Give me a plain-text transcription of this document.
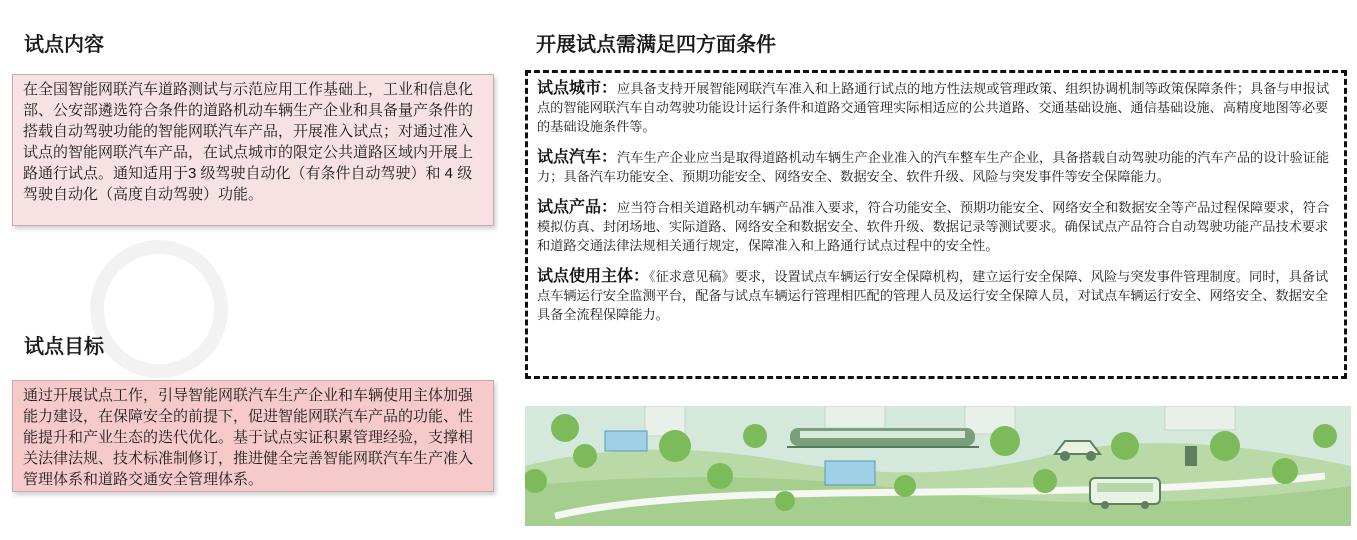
试点内容
在全国智能网联汽车道路测试与示范应用工作基础上，工业和信息化部、公安部遴选符合条件的道路机动车辆生产企业和具备量产条件的搭载自动驾驶功能的智能网联汽车产品，开展准入试点；对通过准入试点的智能网联汽车产品，在试点城市的限定公共道路区域内开展上路通行试点。通知适用于3 级驾驶自动化（有条件自动驾驶）和 4 级驾驶自动化（高度自动驾驶）功能。
试点目标
通过开展试点工作，引导智能网联汽车生产企业和车辆使用主体加强能力建设，在保障安全的前提下，促进智能网联汽车产品的功能、性能提升和产业生态的迭代优化。基于试点实证积累管理经验，支撑相关法律法规、技术标准制修订，推进健全完善智能网联汽车生产准入管理体系和道路交通安全管理体系。
开展试点需满足四方面条件
试点城市：应具备支持开展智能网联汽车准入和上路通行试点的地方性法规或管理政策、组织协调机制等政策保障条件；具备与申报试点的智能网联汽车自动驾驶功能设计运行条件和道路交通管理实际相适应的公共道路、交通基础设施、通信基础设施、高精度地图等必要的基础设施条件等。
试点汽车：汽车生产企业应当是取得道路机动车辆生产企业准入的汽车整车生产企业，具备搭载自动驾驶功能的汽车产品的设计验证能力；具备汽车功能安全、预期功能安全、网络安全、数据安全、软件升级、风险与突发事件等安全保障能力。
试点产品：应当符合相关道路机动车辆产品准入要求，符合功能安全、预期功能安全、网络安全和数据安全等产品过程保障要求，符合模拟仿真、封闭场地、实际道路、网络安全和数据安全、软件升级、数据记录等测试要求。确保试点产品符合自动驾驶功能产品技术要求和道路交通法律法规相关通行规定，保障准入和上路通行试点过程中的安全性。
试点使用主体：《征求意见稿》要求，设置试点车辆运行安全保障机构，建立运行安全保障、风险与突发事件管理制度。同时，具备试点车辆运行安全监测平台，配备与试点车辆运行管理相匹配的管理人员及运行安全保障人员，对试点车辆运行安全、网络安全、数据安全具备全流程保障能力。
